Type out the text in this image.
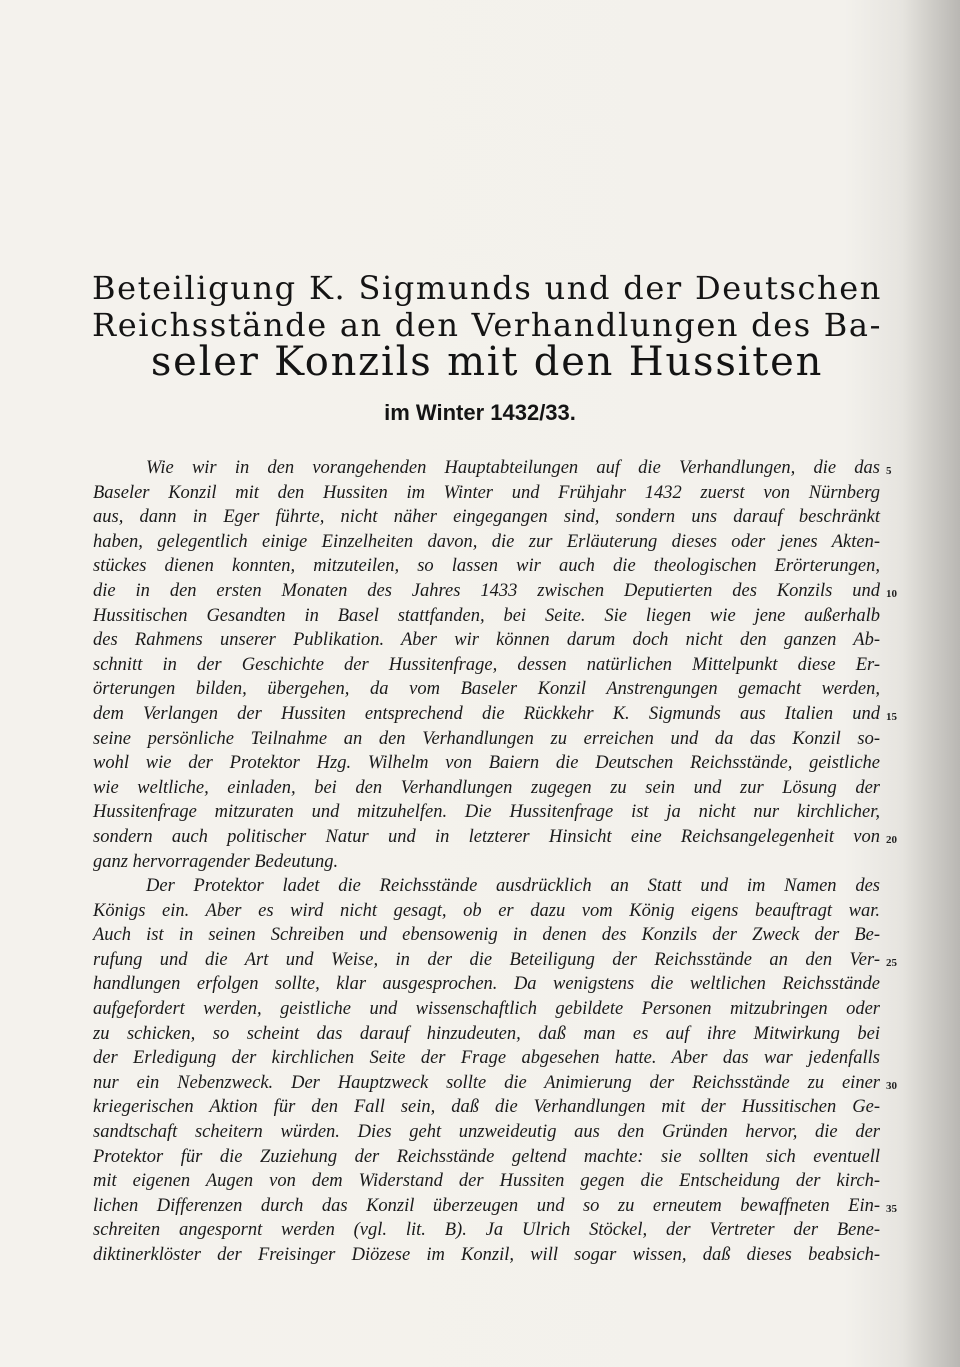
Beteiligung K. Sigmunds und der Deutschen
Reichsstände an den Verhandlungen des Ba-
seler Konzils mit den Hussiten
im Winter 1432/33.
Wie wir in den vorangehenden Hauptabteilungen auf die Verhandlungen, die das
Baseler Konzil mit den Hussiten im Winter und Frühjahr 1432 zuerst von Nürnberg
aus, dann in Eger führte, nicht näher eingegangen sind, sondern uns darauf beschränkt
haben, gelegentlich einige Einzelheiten davon, die zur Erläuterung dieses oder jenes Akten-
stückes dienen konnten, mitzuteilen, so lassen wir auch die theologischen Erörterungen,
die in den ersten Monaten des Jahres 1433 zwischen Deputierten des Konzils und
Hussitischen Gesandten in Basel stattfanden, bei Seite. Sie liegen wie jene außerhalb
des Rahmens unserer Publikation. Aber wir können darum doch nicht den ganzen Ab-
schnitt in der Geschichte der Hussitenfrage, dessen natürlichen Mittelpunkt diese Er-
örterungen bilden, übergehen, da vom Baseler Konzil Anstrengungen gemacht werden,
dem Verlangen der Hussiten entsprechend die Rückkehr K. Sigmunds aus Italien und
seine persönliche Teilnahme an den Verhandlungen zu erreichen und da das Konzil so-
wohl wie der Protektor Hzg. Wilhelm von Baiern die Deutschen Reichsstände, geistliche
wie weltliche, einladen, bei den Verhandlungen zugegen zu sein und zur Lösung der
Hussitenfrage mitzuraten und mitzuhelfen. Die Hussitenfrage ist ja nicht nur kirchlicher,
sondern auch politischer Natur und in letzterer Hinsicht eine Reichsangelegenheit von
ganz hervorragender Bedeutung.
Der Protektor ladet die Reichsstände ausdrücklich an Statt und im Namen des
Königs ein. Aber es wird nicht gesagt, ob er dazu vom König eigens beauftragt war.
Auch ist in seinen Schreiben und ebensowenig in denen des Konzils der Zweck der Be-
rufung und die Art und Weise, in der die Beteiligung der Reichsstände an den Ver-
handlungen erfolgen sollte, klar ausgesprochen. Da wenigstens die weltlichen Reichsstände
aufgefordert werden, geistliche und wissenschaftlich gebildete Personen mitzubringen oder
zu schicken, so scheint das darauf hinzudeuten, daß man es auf ihre Mitwirkung bei
der Erledigung der kirchlichen Seite der Frage abgesehen hatte. Aber das war jedenfalls
nur ein Nebenzweck. Der Hauptzweck sollte die Animierung der Reichsstände zu einer
kriegerischen Aktion für den Fall sein, daß die Verhandlungen mit der Hussitischen Ge-
sandtschaft scheitern würden. Dies geht unzweideutig aus den Gründen hervor, die der
Protektor für die Zuziehung der Reichsstände geltend machte: sie sollten sich eventuell
mit eigenen Augen von dem Widerstand der Hussiten gegen die Entscheidung der kirch-
lichen Differenzen durch das Konzil überzeugen und so zu erneutem bewaffneten Ein-
schreiten angespornt werden (vgl. lit. B). Ja Ulrich Stöckel, der Vertreter der Bene-
diktinerklöster der Freisinger Diözese im Konzil, will sogar wissen, daß dieses beabsich-
5
10
15
20
25
30
35
